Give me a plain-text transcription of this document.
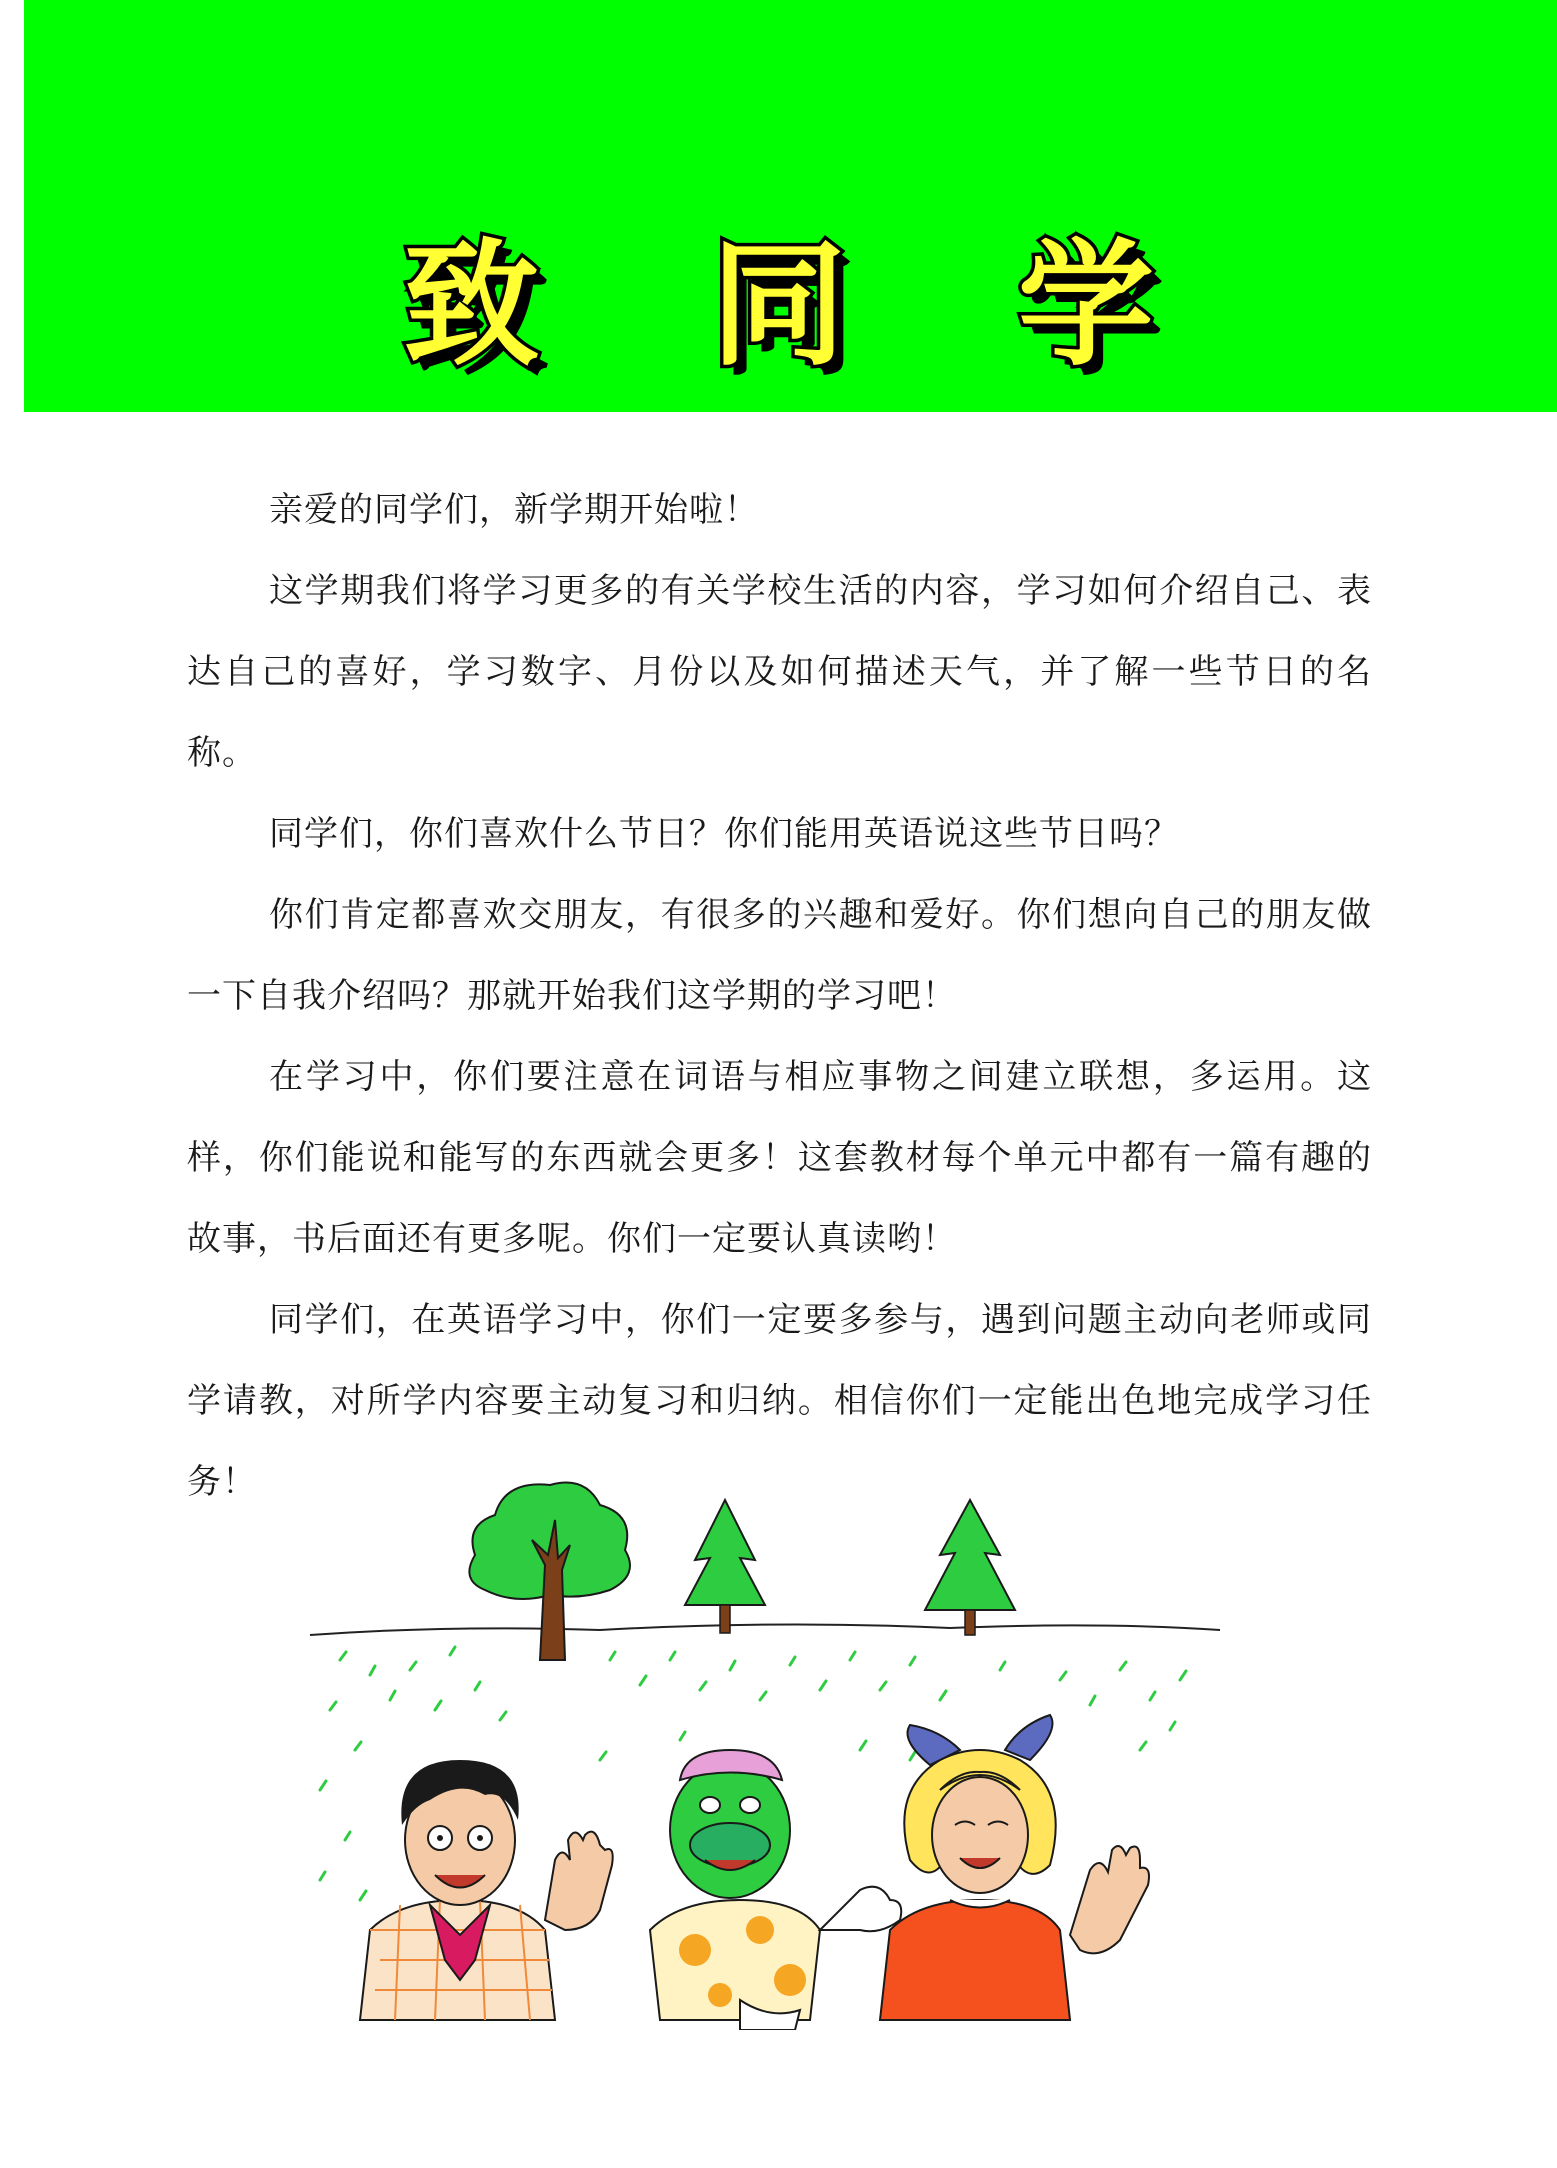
致 同 学

亲爱的同学们，新学期开始啦！

这学期我们将学习更多的有关学校生活的内容，学习如何介绍自己、表达自己的喜好，学习数字、月份以及如何描述天气，并了解一些节日的名称。

同学们，你们喜欢什么节日？你们能用英语说这些节日吗？

你们肯定都喜欢交朋友，有很多的兴趣和爱好。你们想向自己的朋友做一下自我介绍吗？那就开始我们这学期的学习吧！

在学习中，你们要注意在词语与相应事物之间建立联想，多运用。这样，你们能说和能写的东西就会更多！这套教材每个单元中都有一篇有趣的故事，书后面还有更多呢。你们一定要认真读哟！

同学们，在英语学习中，你们一定要多参与，遇到问题主动向老师或同学请教，对所学内容要主动复习和归纳。相信你们一定能出色地完成学习任务！
